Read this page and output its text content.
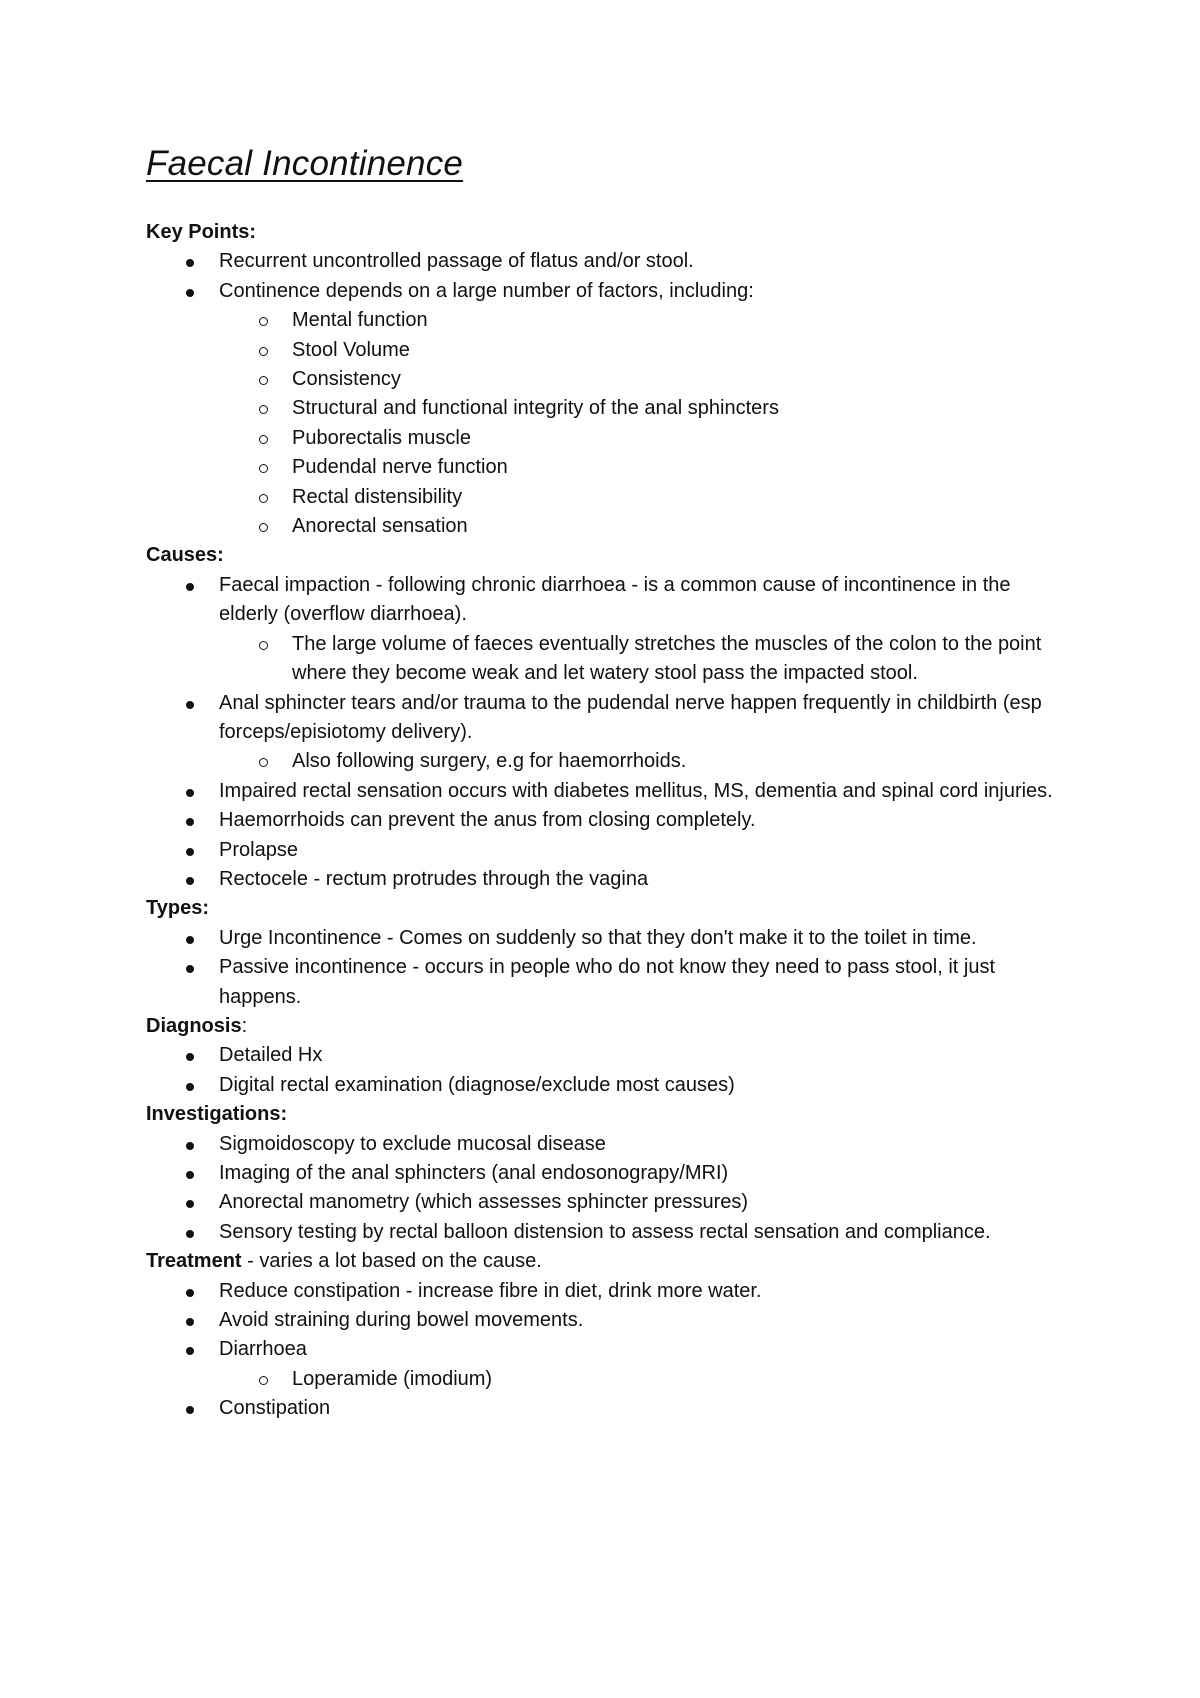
Faecal Incontinence
Key Points:
Recurrent uncontrolled passage of flatus and/or stool.
Continence depends on a large number of factors, including:
Mental function
Stool Volume
Consistency
Structural and functional integrity of the anal sphincters
Puborectalis muscle
Pudendal nerve function
Rectal distensibility
Anorectal sensation
Causes:
Faecal impaction - following chronic diarrhoea - is a common cause of incontinence in the elderly (overflow diarrhoea).
The large volume of faeces eventually stretches the muscles of the colon to the point where they become weak and let watery stool pass the impacted stool.
Anal sphincter tears and/or trauma to the pudendal nerve happen frequently in childbirth (esp forceps/episiotomy delivery).
Also following surgery, e.g for haemorrhoids.
Impaired rectal sensation occurs with diabetes mellitus, MS, dementia and spinal cord injuries.
Haemorrhoids can prevent the anus from closing completely.
Prolapse
Rectocele - rectum protrudes through the vagina
Types:
Urge Incontinence - Comes on suddenly so that they don't make it to the toilet in time.
Passive incontinence - occurs in people who do not know they need to pass stool, it just happens.
Diagnosis:
Detailed Hx
Digital rectal examination (diagnose/exclude most causes)
Investigations:
Sigmoidoscopy to exclude mucosal disease
Imaging of the anal sphincters (anal endosonograpy/MRI)
Anorectal manometry (which assesses sphincter pressures)
Sensory testing by rectal balloon distension to assess rectal sensation and compliance.
Treatment - varies a lot based on the cause.
Reduce constipation - increase fibre in diet, drink more water.
Avoid straining during bowel movements.
Diarrhoea
Loperamide (imodium)
Constipation
